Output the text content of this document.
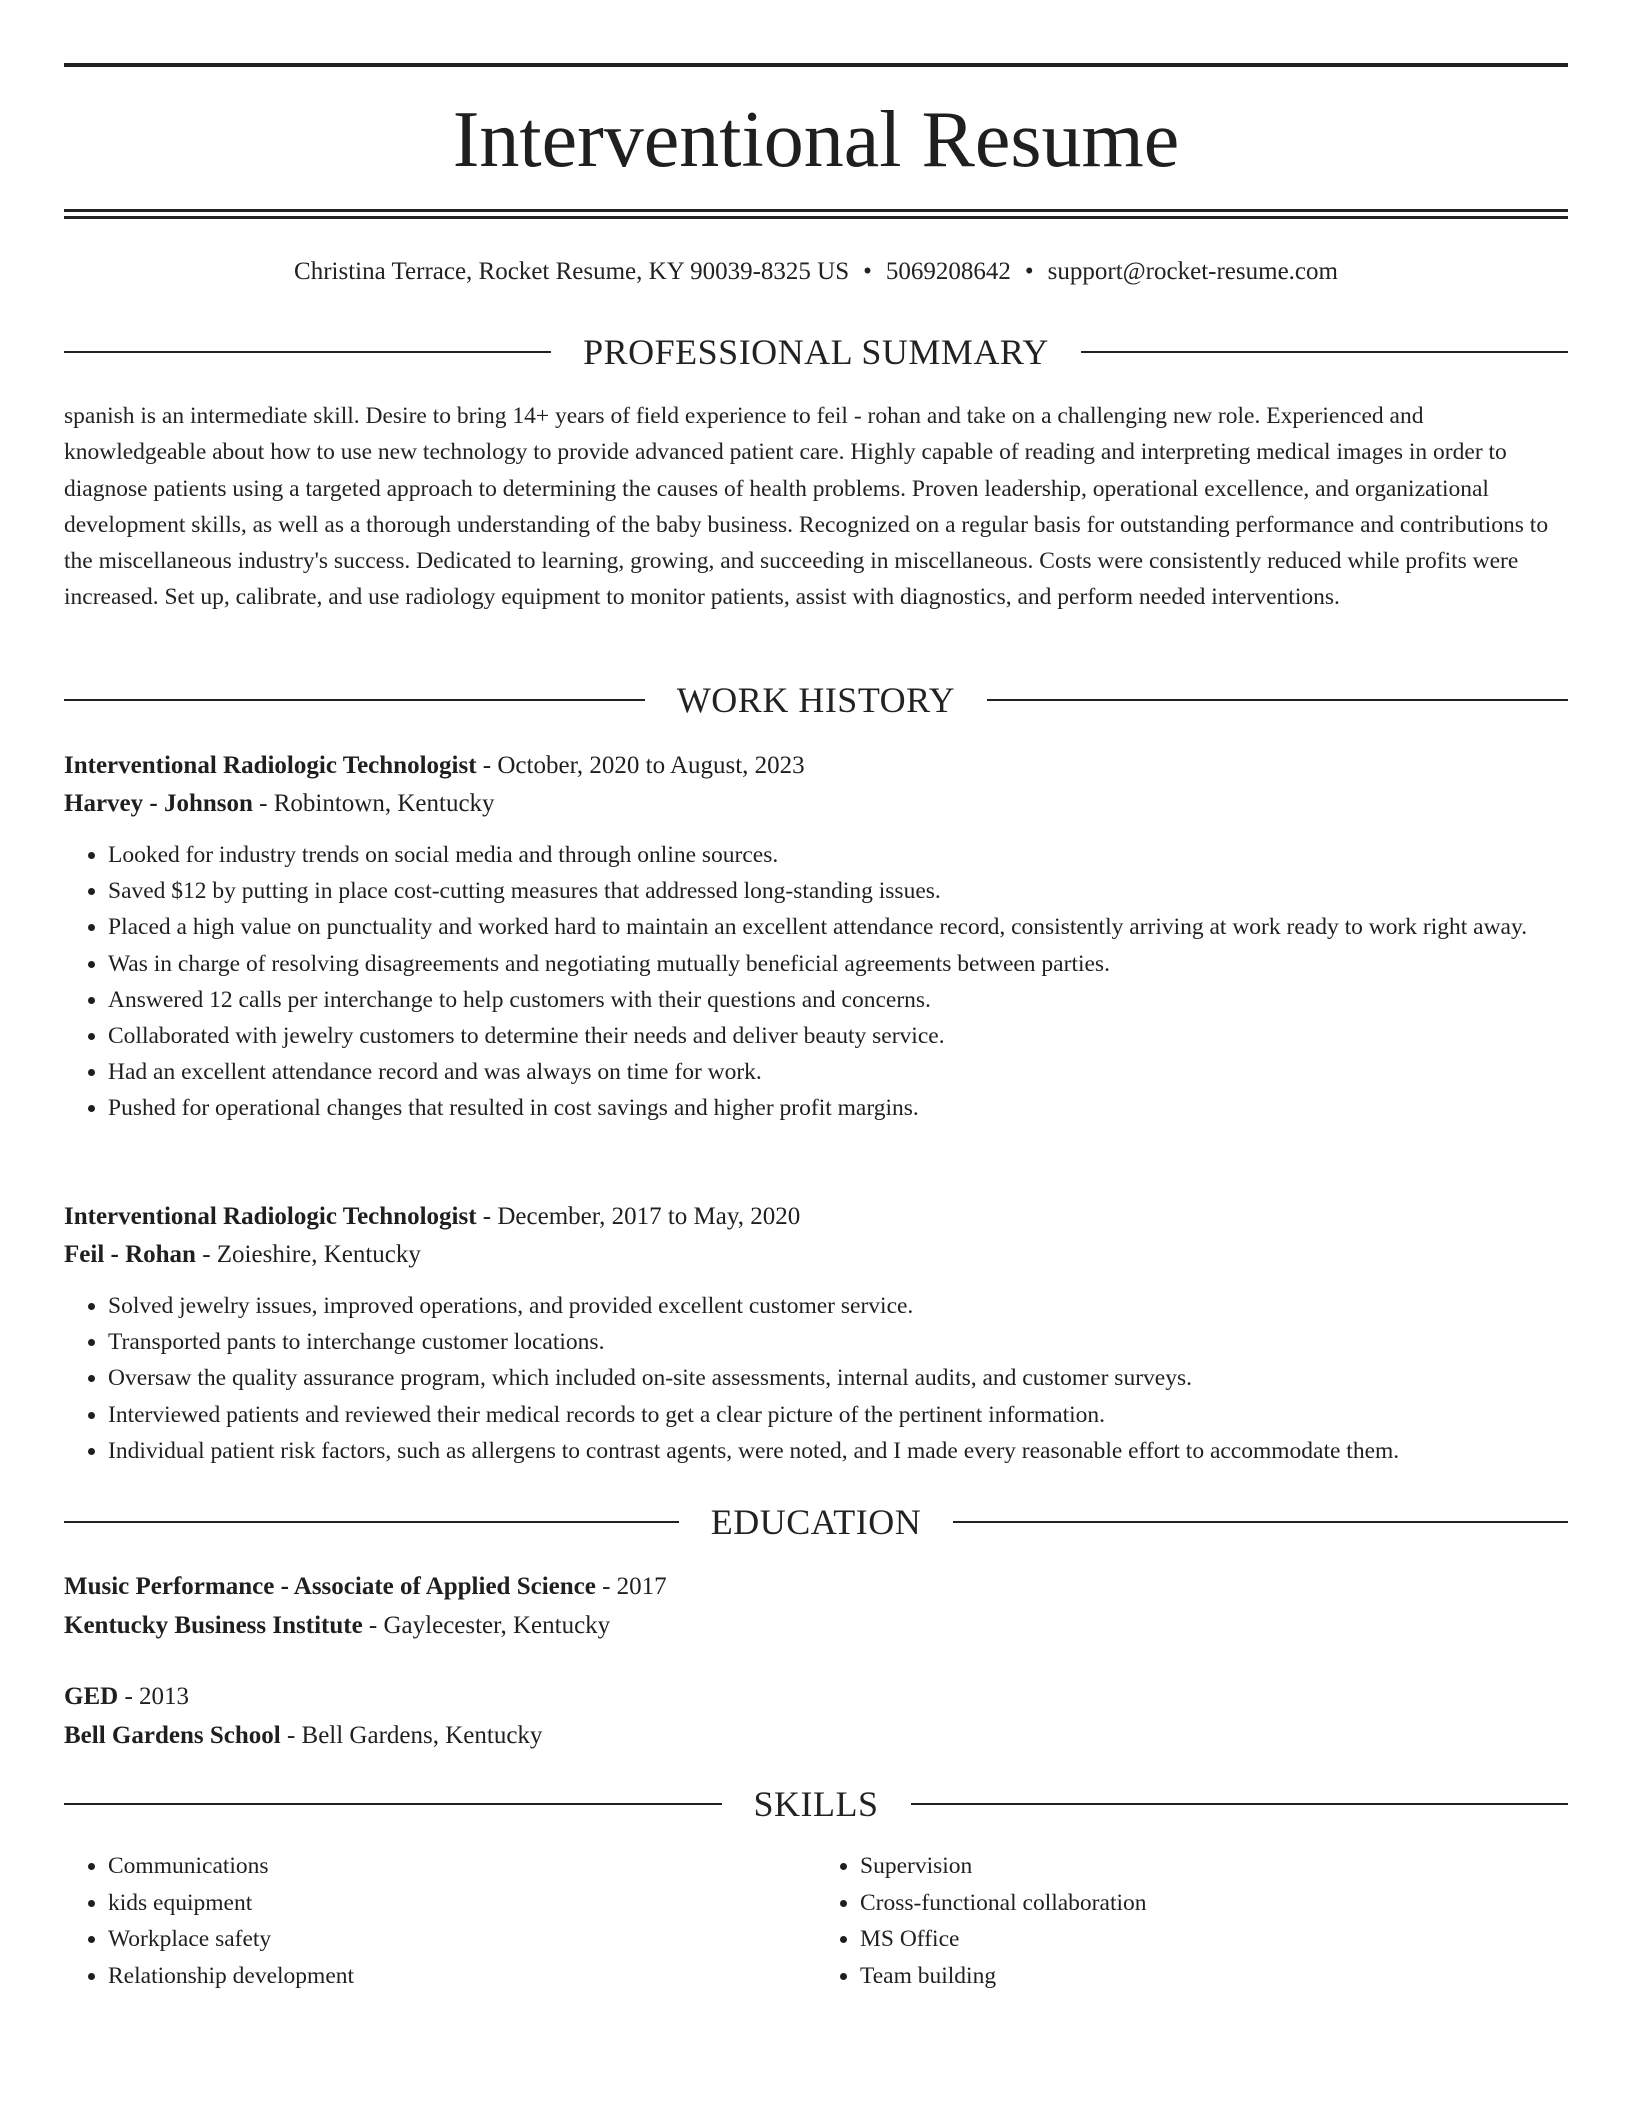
Interventional Resume
Christina Terrace, Rocket Resume, KY 90039-8325 US • 5069208642 • support@rocket-resume.com
PROFESSIONAL SUMMARY

spanish is an intermediate skill. Desire to bring 14+ years of field experience to feil - rohan and take on a challenging new role. Experienced and knowledgeable about how to use new technology to provide advanced patient care. Highly capable of reading and interpreting medical images in order to diagnose patients using a targeted approach to determining the causes of health problems. Proven leadership, operational excellence, and organizational development skills, as well as a thorough understanding of the baby business. Recognized on a regular basis for outstanding performance and contributions to the miscellaneous industry's success. Dedicated to learning, growing, and succeeding in miscellaneous. Costs were consistently reduced while profits were increased. Set up, calibrate, and use radiology equipment to monitor patients, assist with diagnostics, and perform needed interventions.

WORK HISTORY

Interventional Radiologic Technologist - October, 2020 to August, 2023

Harvey - Johnson - Robintown, Kentucky

• Looked for industry trends on social media and through online sources.
• Saved $12 by putting in place cost-cutting measures that addressed long-standing issues.
• Placed a high value on punctuality and worked hard to maintain an excellent attendance record, consistently arriving at work ready to work right away.
• Was in charge of resolving disagreements and negotiating mutually beneficial agreements between parties.
• Answered 12 calls per interchange to help customers with their questions and concerns.
• Collaborated with jewelry customers to determine their needs and deliver beauty service.
• Had an excellent attendance record and was always on time for work.
• Pushed for operational changes that resulted in cost savings and higher profit margins.

Interventional Radiologic Technologist - December, 2017 to May, 2020

Feil - Rohan - Zoieshire, Kentucky

• Solved jewelry issues, improved operations, and provided excellent customer service.
• Transported pants to interchange customer locations.
• Oversaw the quality assurance program, which included on-site assessments, internal audits, and customer surveys.
• Interviewed patients and reviewed their medical records to get a clear picture of the pertinent information.
• Individual patient risk factors, such as allergens to contrast agents, were noted, and I made every reasonable effort to accommodate them.
EDUCATION

Music Performance - Associate of Applied Science - 2017

Kentucky Business Institute - Gaylecester, Kentucky

GED - 2013

Bell Gardens School - Bell Gardens, Kentucky

SKILLS
• Communications
• kids equipment
• Workplace safety
• Relationship development
• Supervision
• Cross-functional collaboration
• MS Office
• Team building
